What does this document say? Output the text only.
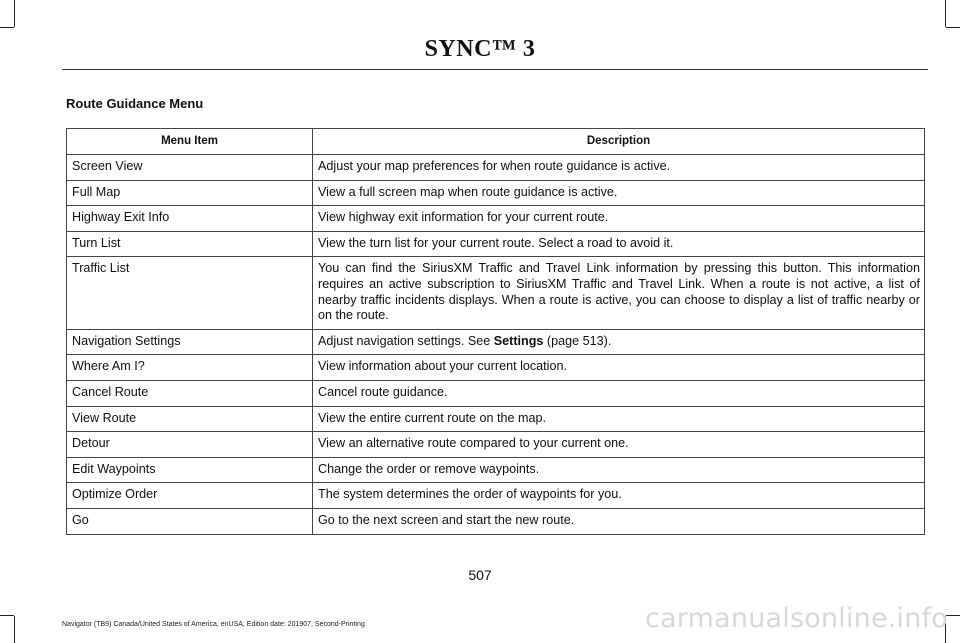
SYNC™ 3
Route Guidance Menu
Menu Item	Description
Screen View	Adjust your map preferences for when route guidance is active.
Full Map	View a full screen map when route guidance is active.
Highway Exit Info	View highway exit information for your current route.
Turn List	View the turn list for your current route. Select a road to avoid it.
Traffic List	You can find the SiriusXM Traffic and Travel Link information by pressing this button. This information requires an active subscription to SiriusXM Traffic and Travel Link. When a route is not active, a list of nearby traffic incidents displays. When a route is active, you can choose to display a list of traffic nearby or on the route.
Navigation Settings	Adjust navigation settings. See Settings (page 513).
Where Am I?	View information about your current location.
Cancel Route	Cancel route guidance.
View Route	View the entire current route on the map.
Detour	View an alternative route compared to your current one.
Edit Waypoints	Change the order or remove waypoints.
Optimize Order	The system determines the order of waypoints for you.
Go	Go to the next screen and start the new route.
507
Navigator (TB9) Canada/United States of America, enUSA, Edition date: 201907, Second-Printing	carmanualsonline.info
